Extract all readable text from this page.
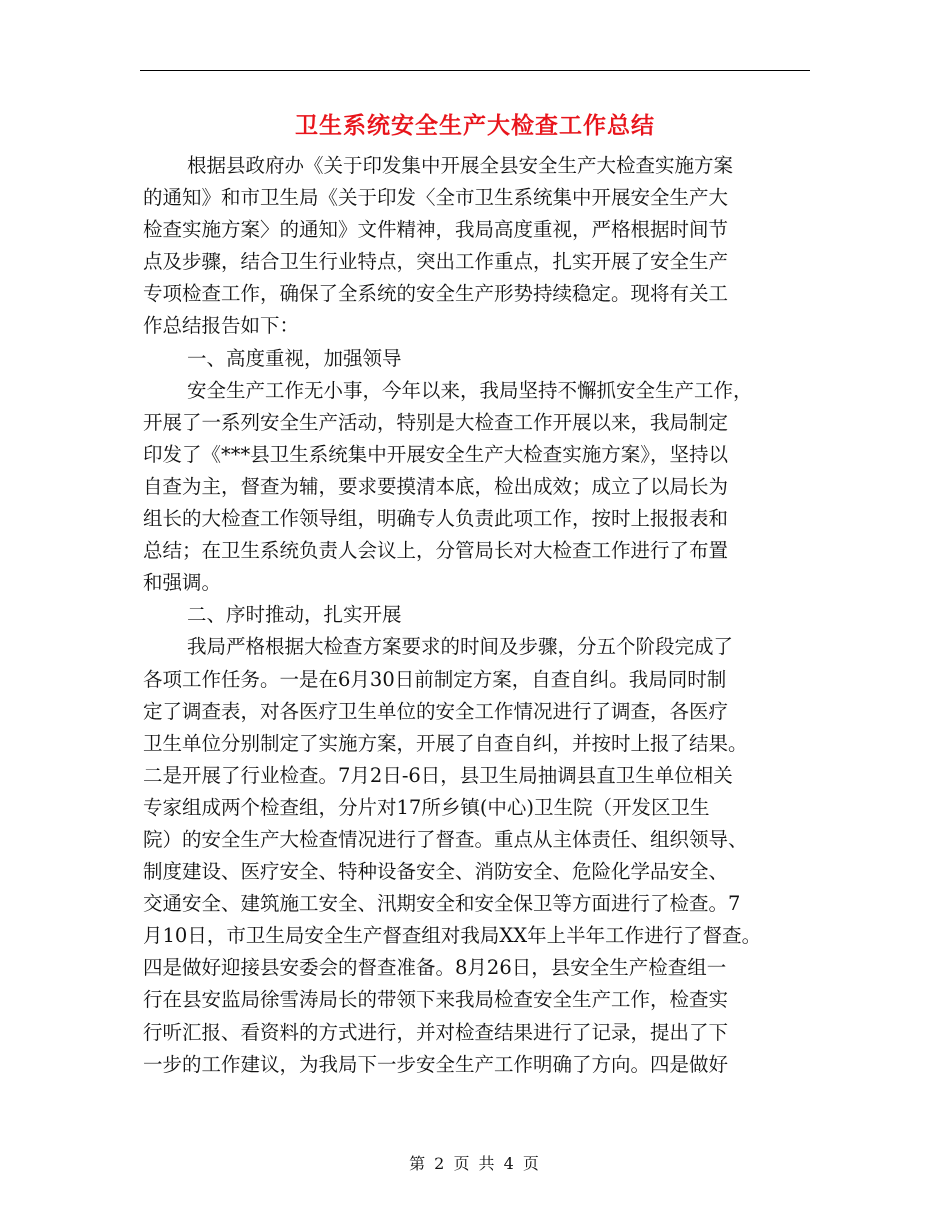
卫生系统安全生产大检查工作总结
根据县政府办《关于印发集中开展全县安全生产大检查实施方案
的通知》和市卫生局《关于印发〈全市卫生系统集中开展安全生产大
检查实施方案〉的通知》文件精神，我局高度重视，严格根据时间节
点及步骤，结合卫生行业特点，突出工作重点，扎实开展了安全生产
专项检查工作，确保了全系统的安全生产形势持续稳定。现将有关工
作总结报告如下：
一、高度重视，加强领导
安全生产工作无小事，今年以来，我局坚持不懈抓安全生产工作，
开展了一系列安全生产活动，特别是大检查工作开展以来，我局制定
印发了《***县卫生系统集中开展安全生产大检查实施方案》，坚持以
自查为主，督查为辅，要求要摸清本底，检出成效；成立了以局长为
组长的大检查工作领导组，明确专人负责此项工作，按时上报报表和
总结；在卫生系统负责人会议上，分管局长对大检查工作进行了布置
和强调。
二、序时推动，扎实开展
我局严格根据大检查方案要求的时间及步骤，分五个阶段完成了
各项工作任务。一是在6月30日前制定方案，自查自纠。我局同时制
定了调查表，对各医疗卫生单位的安全工作情况进行了调查，各医疗
卫生单位分别制定了实施方案，开展了自查自纠，并按时上报了结果。
二是开展了行业检查。7月2日-6日，县卫生局抽调县直卫生单位相关
专家组成两个检查组，分片对17所乡镇(中心)卫生院（开发区卫生
院）的安全生产大检查情况进行了督查。重点从主体责任、组织领导、
制度建设、医疗安全、特种设备安全、消防安全、危险化学品安全、
交通安全、建筑施工安全、汛期安全和安全保卫等方面进行了检查。7
月10日，市卫生局安全生产督查组对我局XX年上半年工作进行了督查。
四是做好迎接县安委会的督查准备。8月26日，县安全生产检查组一
行在县安监局徐雪涛局长的带领下来我局检查安全生产工作，检查实
行听汇报、看资料的方式进行，并对检查结果进行了记录，提出了下
一步的工作建议，为我局下一步安全生产工作明确了方向。四是做好
第 2 页 共 4 页
